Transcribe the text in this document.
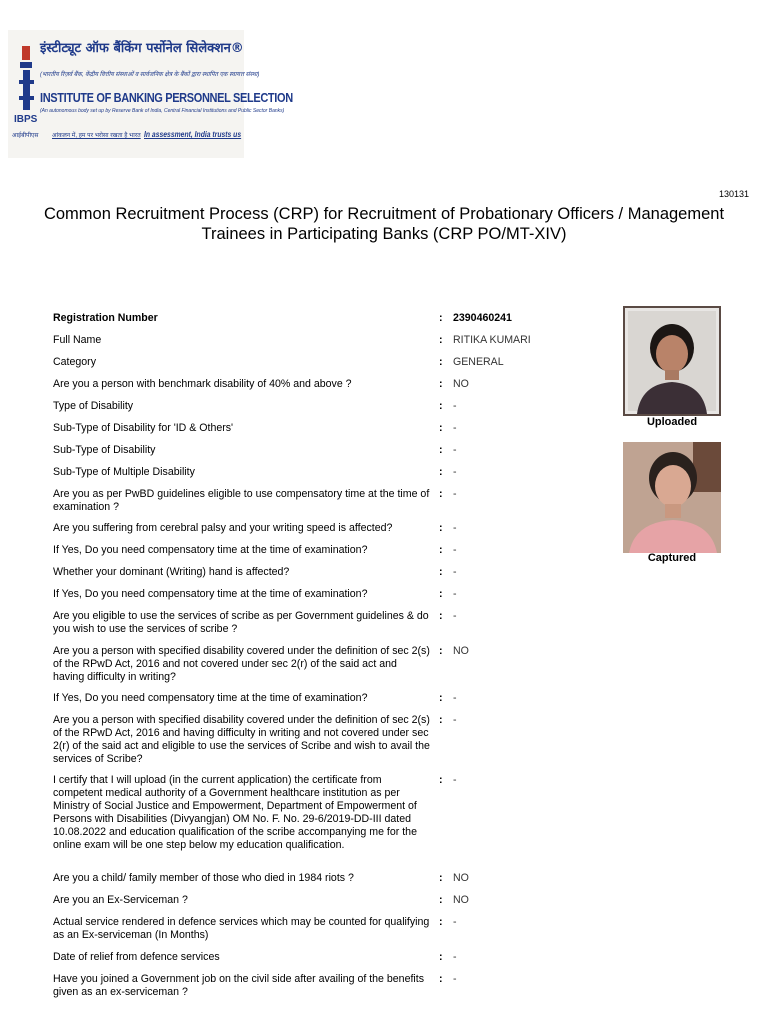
इंस्टीट्यूट ऑफ बैंकिंग पर्सोनेल सिलेक्शन®
(भारतीय रिज़र्व बैंक, केंद्रीय वित्तीय संस्थाओं व सार्वजनिक क्षेत्र के बैंकों द्वारा स्थापित एक स्वायत्त संस्था)
INSTITUTE OF BANKING PERSONNEL SELECTION
(An autonomous body set up by Reserve Bank of India, Central Financial Institutions and Public Sector Banks)
IBPS
आईबीपीएस आंकलन में, हम पर भरोसा रखता है भारत In assessment, India trusts us
130131
Common Recruitment Process (CRP) for Recruitment of Probationary Officers / Management Trainees in Participating Banks (CRP PO/MT-XIV)
Uploaded
Captured
Registration Number	: 2390460241
Full Name	: RITIKA KUMARI
Category	: GENERAL
Are you a person with benchmark disability of 40% and above ?	: NO
Type of Disability	: -
Sub-Type of Disability for 'ID & Others'	: -
Sub-Type of Disability	: -
Sub-Type of Multiple Disability	: -
Are you as per PwBD guidelines eligible to use compensatory time at the time of examination ?
: -
Are you suffering from cerebral palsy and your writing speed is affected?	: -
If Yes, Do you need compensatory time at the time of examination?	: -
Whether your dominant (Writing) hand is affected?	: -
If Yes, Do you need compensatory time at the time of examination?	: -
Are you eligible to use the services of scribe as per Government guidelines & do you wish to use the services of scribe ?
: -
Are you a person with specified disability covered under the definition of sec 2(s) of the RPwD Act, 2016 and not covered under sec 2(r) of the said act and having difficulty in writing?
: NO
If Yes, Do you need compensatory time at the time of examination?	: -
Are you a person with specified disability covered under the definition of sec 2(s) of the RPwD Act, 2016 and having difficulty in writing and not covered under sec 2(r) of the said act and eligible to use the services of Scribe and wish to avail the services of Scribe?
: -
I certify that I will upload (in the current application) the certificate from competent medical authority of a Government healthcare institution as per Ministry of Social Justice and Empowerment, Department of Empowerment of Persons with Disabilities (Divyangjan) OM No. F. No. 29-6/2019-DD-III dated 10.08.2022 and education qualification of the scribe accompanying me for the online exam will be one step below my education qualification.
: -
Are you a child/ family member of those who died in 1984 riots ?	: NO
Are you an Ex-Serviceman ?	: NO
Actual service rendered in defence services which may be counted for qualifying as an Ex-serviceman (In Months)
: -
Date of relief from defence services	: -
Have you joined a Government job on the civil side after availing of the benefits given as an ex-serviceman ?
: -
